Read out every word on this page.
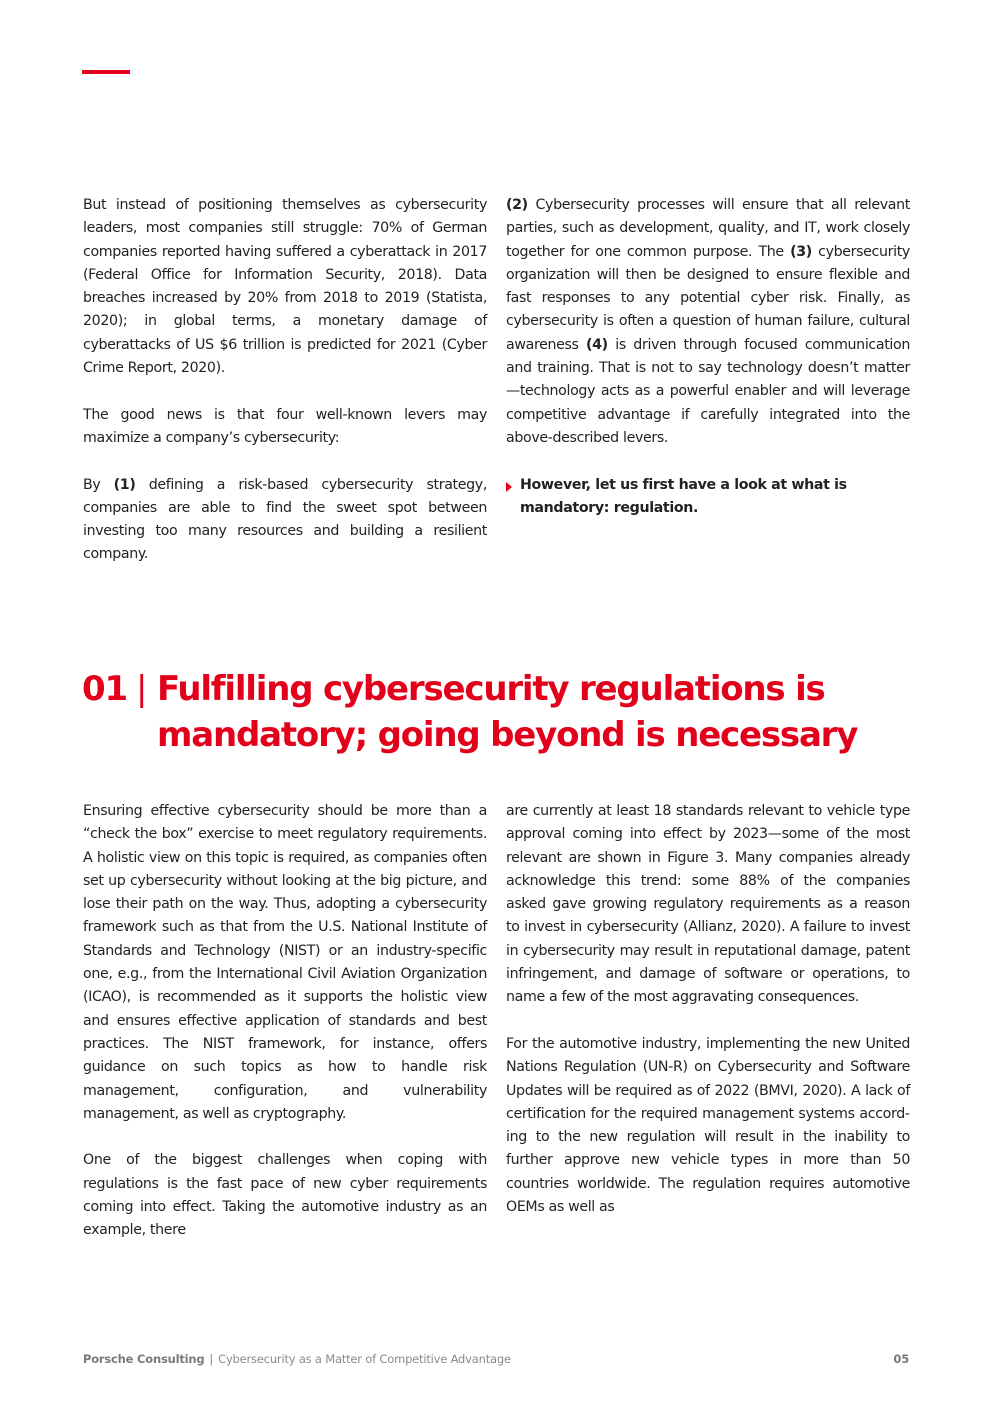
But instead of positioning themselves as cybersecurity leaders, most companies still struggle: 70% of German companies reported having suffered a cyberattack in 2017 (Federal Office for Information Security, 2018). Data breaches increased by 20% from 2018 to 2019 (Statista, 2020); in global terms, a monetary damage of cyberattacks of US $6 trillion is predicted for 2021 (Cyber Crime Report, 2020).

The good news is that four well-known levers may maximize a company’s cybersecurity:

By (1) defining a risk-based cybersecurity strategy, companies are able to find the sweet spot between investing too many resources and building a resilient company.

(2) Cybersecurity processes will ensure that all relevant parties, such as development, quality, and IT, work closely together for one common purpose. The (3) cybersecurity organization will then be designed to ensure flexible and fast responses to any potential cyber risk. Finally, as cybersecurity is often a question of human failure, cultural awareness (4) is driven through focused communication and training. That is not to say technology doesn’t matter—technology acts as a powerful enabler and will leverage competitive advantage if carefully integrated into the above-described levers.

However, let us first have a look at what is mandatory: regulation.

01 | Fulfilling cybersecurity regulations is
mandatory; going beyond is necessary

Ensuring effective cybersecurity should be more than a “check the box” exercise to meet regulatory requirements. A holistic view on this topic is required, as companies often set up cybersecurity without looking at the big picture, and lose their path on the way. Thus, adopting a cybersecurity framework such as that from the U.S. National Institute of Standards and Technology (NIST) or an industry-specific one, e.g., from the International Civil Aviation Organization (ICAO), is recommended as it supports the holistic view and ensures effective application of standards and best practices. The NIST framework, for instance, offers guidance on such topics as how to handle risk management, configuration, and vulnerability management, as well as cryptography.

One of the biggest challenges when coping with regulations is the fast pace of new cyber requirements coming into effect. Taking the automotive industry as an example, there

are currently at least 18 standards relevant to vehicle type approval coming into effect by 2023—some of the most relevant are shown in Figure 3. Many companies already acknowledge this trend: some 88% of the companies asked gave growing regulatory requirements as a reason to invest in cybersecurity (Allianz, 2020). A failure to invest in cybersecurity may result in reputational damage, patent infringement, and damage of software or operations, to name a few of the most aggravating consequences.

For the automotive industry, implementing the new United Nations Regulation (UN-R) on Cybersecurity and Software Updates will be required as of 2022 (BMVI, 2020). A lack of certification for the required management systems according to the new regulation will result in the inability to further approve new vehicle types in more than 50 countries worldwide. The regulation requires automotive OEMs as well as

Porsche Consulting | Cybersecurity as a Matter of Competitive Advantage	05
